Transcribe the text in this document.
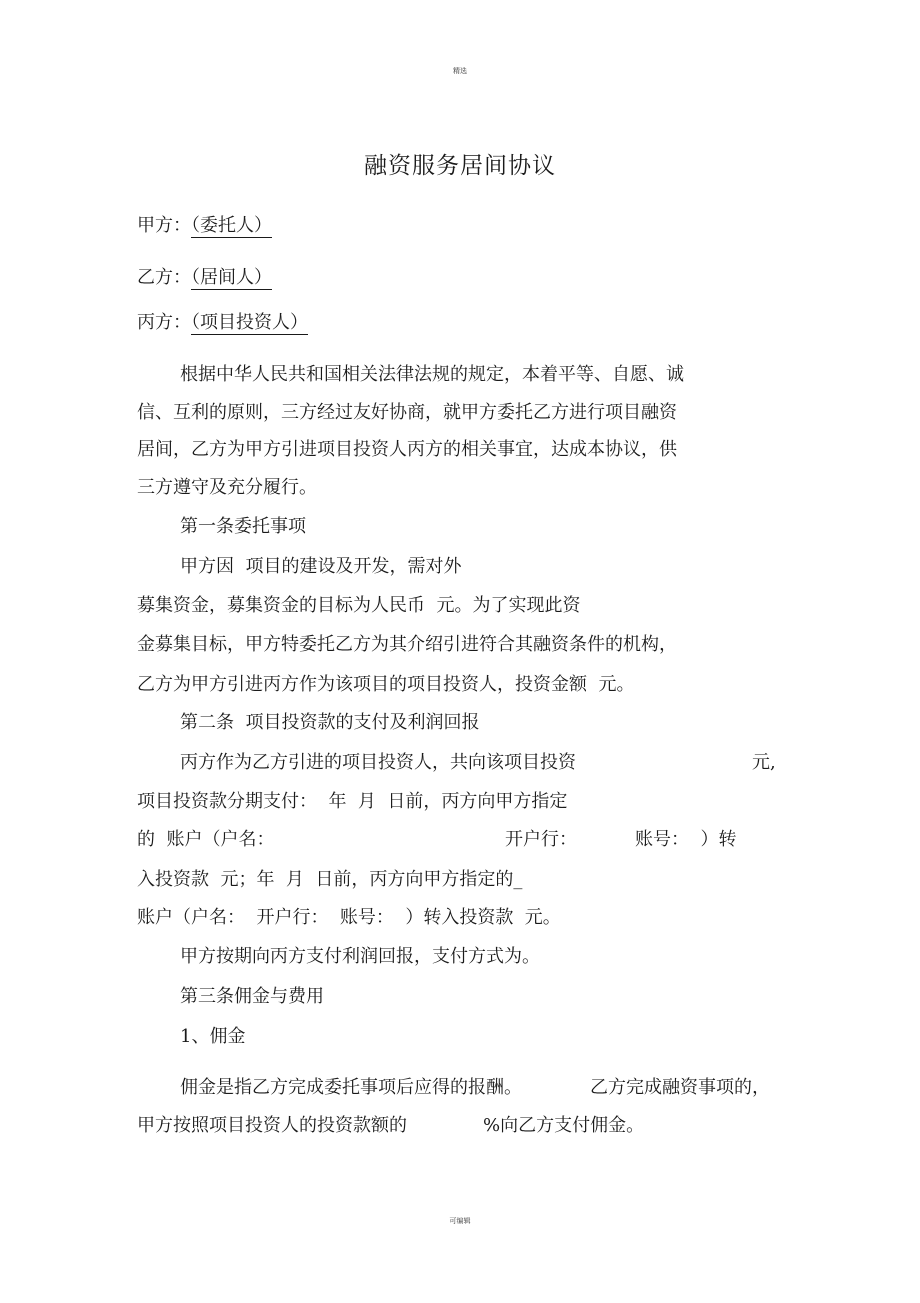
精选
融资服务居间协议
甲方：（委托人）
乙方：（居间人）
丙方：（项目投资人）
根据中华人民共和国相关法律法规的规定，本着平等、自愿、诚
信、互利的原则，三方经过友好协商，就甲方委托乙方进行项目融资
居间，乙方为甲方引进项目投资人丙方的相关事宜，达成本协议，供
三方遵守及充分履行。
第一条委托事项
甲方因  项目的建设及开发，需对外
募集资金，募集资金的目标为人民币  元。为了实现此资
金募集目标，甲方特委托乙方为其介绍引进符合其融资条件的机构，
乙方为甲方引进丙方作为该项目的项目投资人，投资金额  元。
第二条  项目投资款的支付及利润回报
丙方作为乙方引进的项目投资人，共向该项目投资	元,
项目投资款分期支付：  年  月  日前，丙方向甲方指定
的  账户（户名：	开户行：	账号：  ）转
入投资款  元；年  月  日前，丙方向甲方指定的_
账户（户名：  开户行：  账号：  ）转入投资款  元。
甲方按期向丙方支付利润回报，支付方式为。
第三条佣金与费用
1、佣金
佣金是指乙方完成委托事项后应得的报酬。	乙方完成融资事项的，
甲方按照项目投资人的投资款额的	%向乙方支付佣金。
可编辑
